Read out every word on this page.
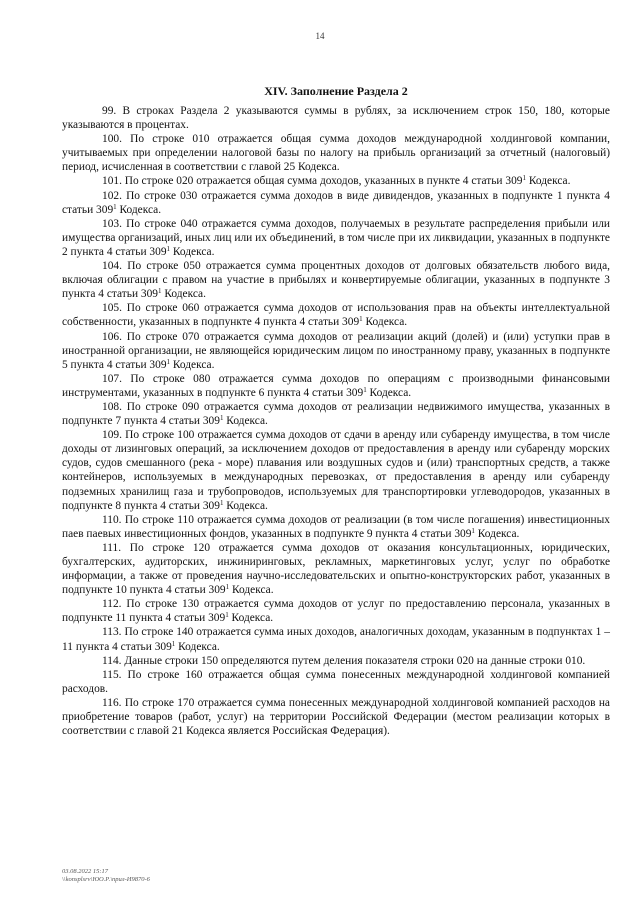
14
XIV. Заполнение Раздела 2

99. В строках Раздела 2 указываются суммы в рублях, за исключением строк 150, 180, которые указываются в процентах.

100. По строке 010 отражается общая сумма доходов международной холдинговой компании, учитываемых при определении налоговой базы по налогу на прибыль организаций за отчетный (налоговый) период, исчисленная в соответствии с главой 25 Кодекса.

101. По строке 020 отражается общая сумма доходов, указанных в пункте 4 статьи $309^1$ Кодекса.

102. По строке 030 отражается сумма доходов в виде дивидендов, указанных в подпункте 1 пункта 4 статьи $309^1$ Кодекса.

103. По строке 040 отражается сумма доходов, получаемых в результате распределения прибыли или имущества организаций, иных лиц или их объединений, в том числе при их ликвидации, указанных в подпункте 2 пункта 4 статьи $309^1$ Кодекса.

104. По строке 050 отражается сумма процентных доходов от долговых обязательств любого вида, включая облигации с правом на участие в прибылях и конвертируемые облигации, указанных в подпункте 3 пункта 4 статьи $309^1$ Кодекса.

105. По строке 060 отражается сумма доходов от использования прав на объекты интеллектуальной собственности, указанных в подпункте 4 пункта 4 статьи $309^1$ Кодекса.

106. По строке 070 отражается сумма доходов от реализации акций (долей) и (или) уступки прав в иностранной организации, не являющейся юридическим лицом по иностранному праву, указанных в подпункте 5 пункта 4 статьи $309^1$ Кодекса.

107. По строке 080 отражается сумма доходов по операциям с производными финансовыми инструментами, указанных в подпункте 6 пункта 4 статьи $309^1$ Кодекса.

108. По строке 090 отражается сумма доходов от реализации недвижимого имущества, указанных в подпункте 7 пункта 4 статьи $309^1$ Кодекса.

109. По строке 100 отражается сумма доходов от сдачи в аренду или субаренду имущества, в том числе доходы от лизинговых операций, за исключением доходов от предоставления в аренду или субаренду морских судов, судов смешанного (река - море) плавания или воздушных судов и (или) транспортных средств, а также контейнеров, используемых в международных перевозках, от предоставления в аренду или субаренду подземных хранилищ газа и трубопроводов, используемых для транспортировки углеводородов, указанных в подпункте 8 пункта 4 статьи $309^1$ Кодекса.

110. По строке 110 отражается сумма доходов от реализации (в том числе погашения) инвестиционных паев паевых инвестиционных фондов, указанных в подпункте 9 пункта 4 статьи $309^1$ Кодекса.

111. По строке 120 отражается сумма доходов от оказания консультационных, юридических, бухгалтерских, аудиторских, инжиниринговых, рекламных, маркетинговых услуг, услуг по обработке информации, а также от проведения научно-исследовательских и опытно-конструкторских работ, указанных в подпункте 10 пункта 4 статьи $309^1$ Кодекса.

112. По строке 130 отражается сумма доходов от услуг по предоставлению персонала, указанных в подпункте 11 пункта 4 статьи $309^1$ Кодекса.

113. По строке 140 отражается сумма иных доходов, аналогичных доходам, указанным в подпунктах 1 – 11 пункта 4 статьи $309^1$ Кодекса.

114. Данные строки 150 определяются путем деления показателя строки 020 на данные строки 010.

115. По строке 160 отражается общая сумма понесенных международной холдинговой компанией расходов.

116. По строке 170 отражается сумма понесенных международной холдинговой компанией расходов на приобретение товаров (работ, услуг) на территории Российской Федерации (местом реализации которых в соответствии с главой 21 Кодекса является Российская Федерация).

03.08.2022 15:17
\\konsplsrv\ЮО.Р.\прил-И9870-6
